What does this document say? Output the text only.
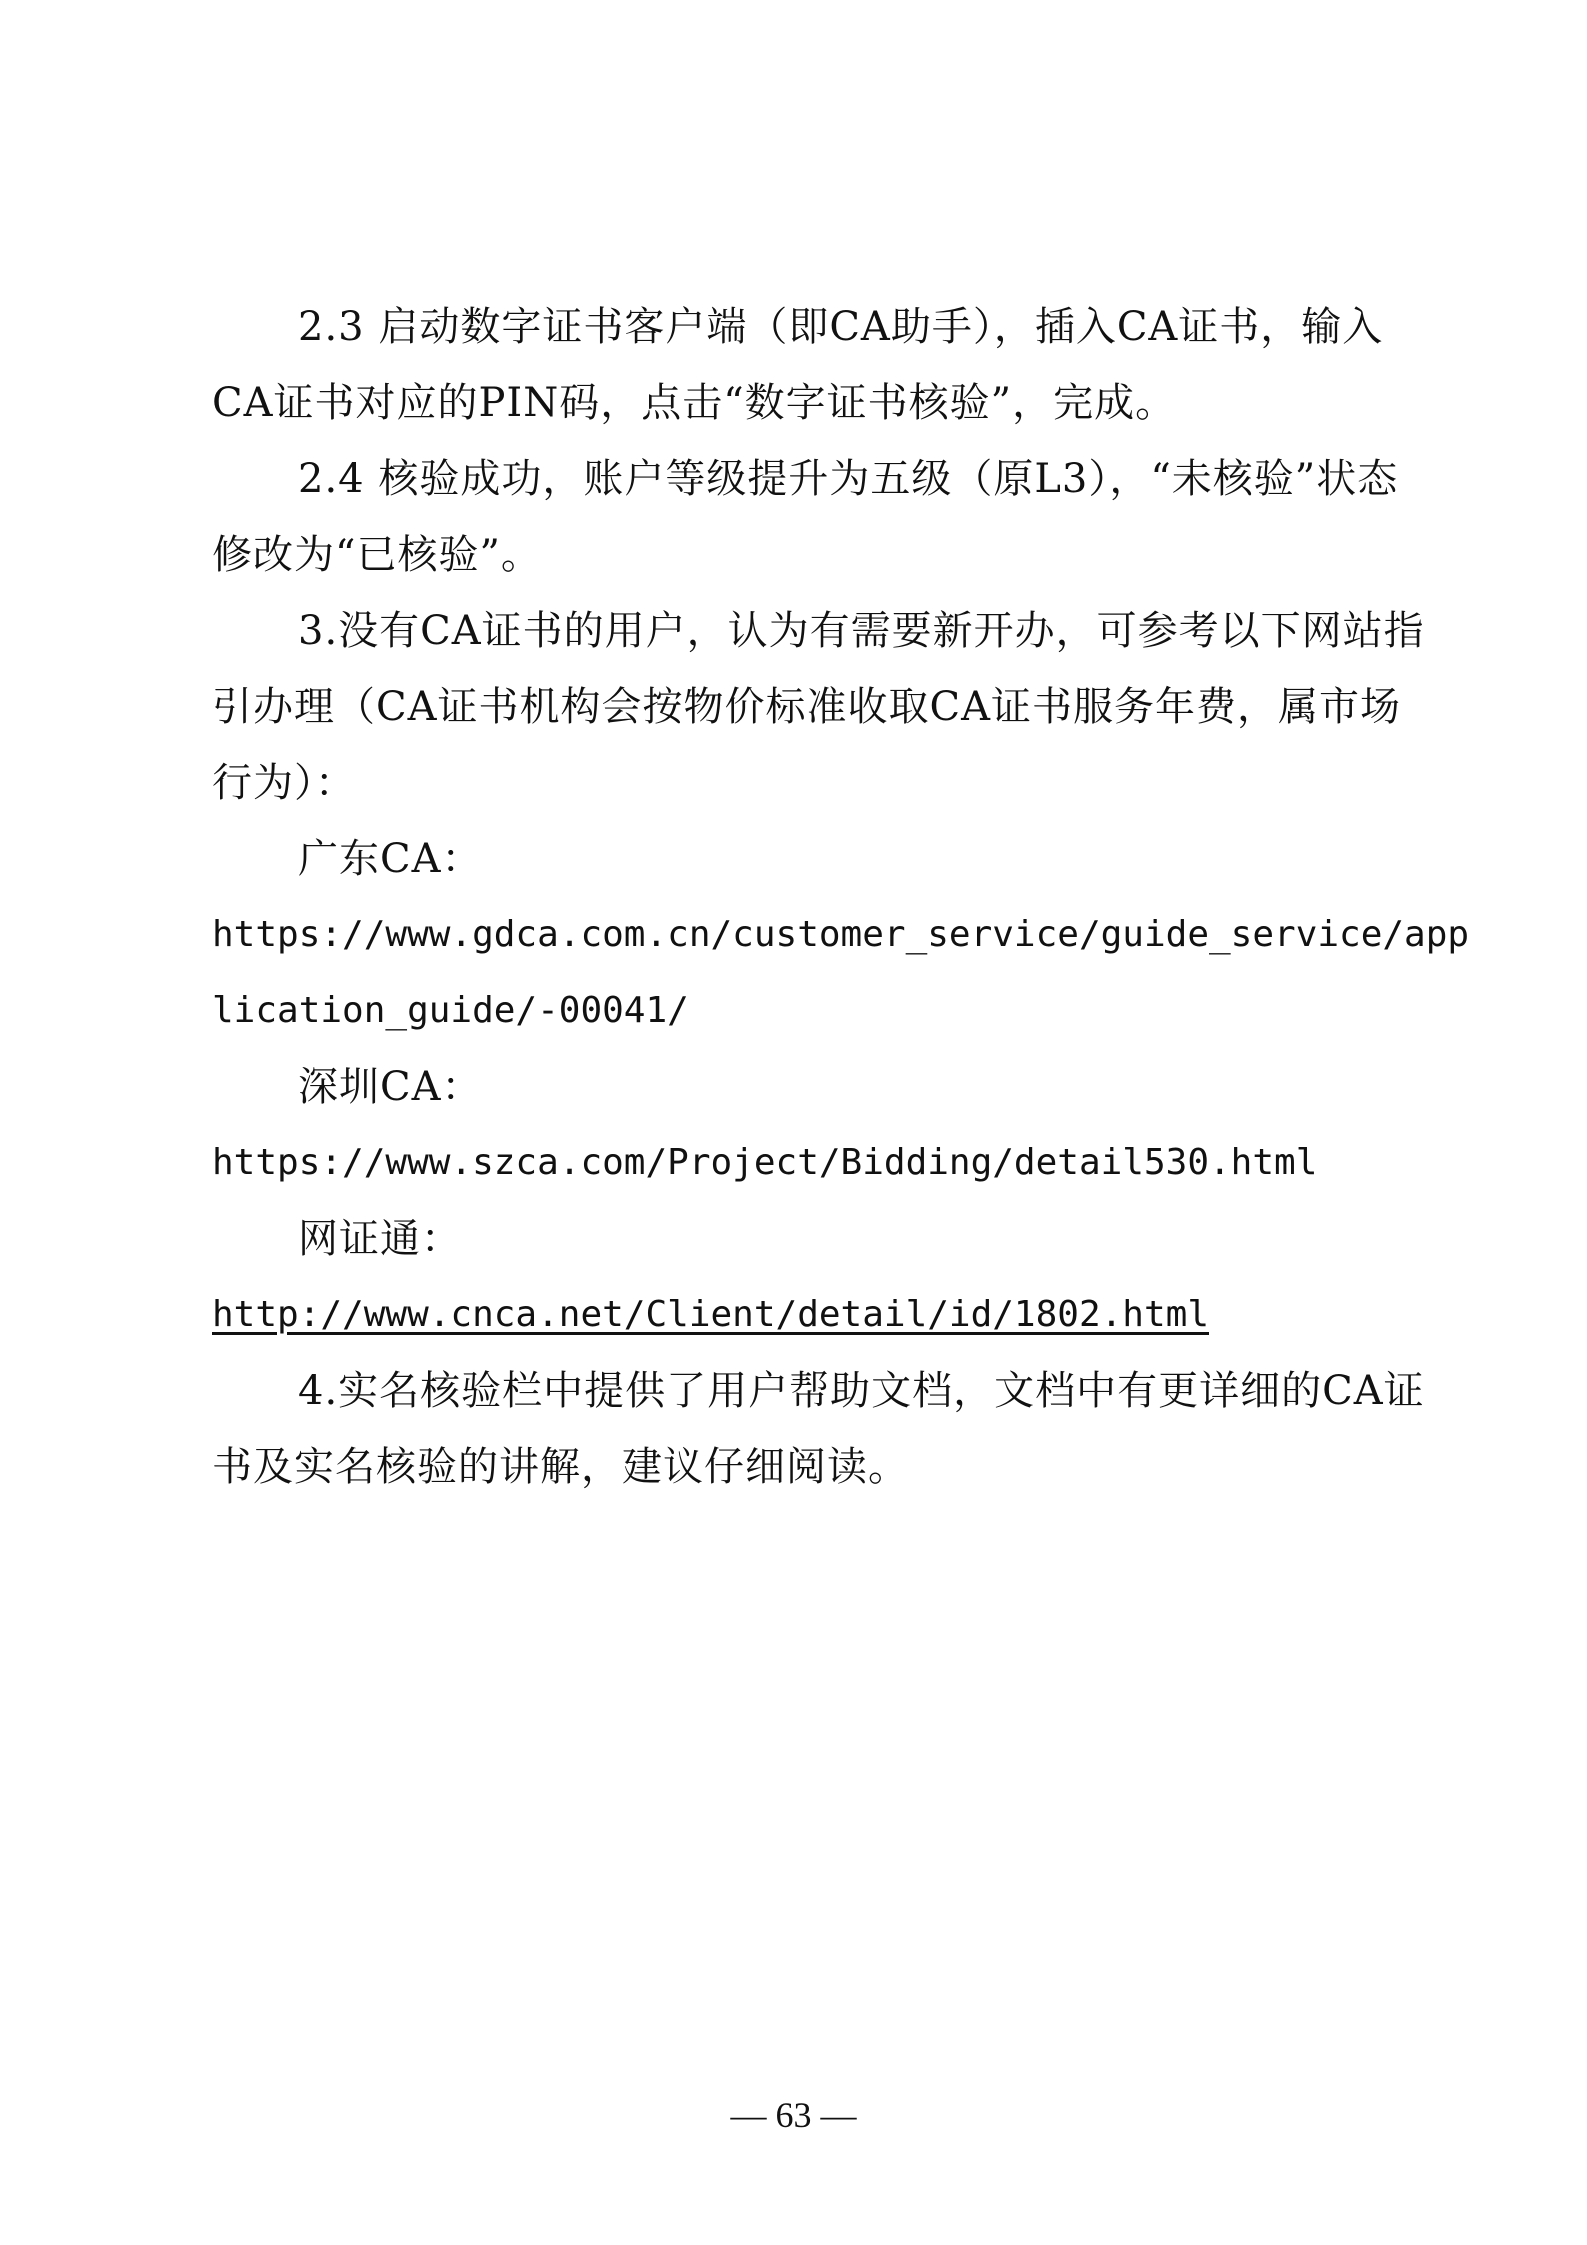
2.3 启动数字证书客户端（即CA助手），插入CA证书，输入
CA证书对应的PIN码，点击“数字证书核验”，完成。
2.4 核验成功，账户等级提升为五级（原L3），“未核验”状态
修改为“已核验”。
3.没有CA证书的用户，认为有需要新开办，可参考以下网站指
引办理（CA证书机构会按物价标准收取CA证书服务年费，属市场
行为）：
广东CA：
https://www.gdca.com.cn/customer_service/guide_service/app
lication_guide/-00041/
深圳CA：
https://www.szca.com/Project/Bidding/detail530.html
网证通：
http://www.cnca.net/Client/detail/id/1802.html
4.实名核验栏中提供了用户帮助文档，文档中有更详细的CA证
书及实名核验的讲解，建议仔细阅读。
— 63 —
